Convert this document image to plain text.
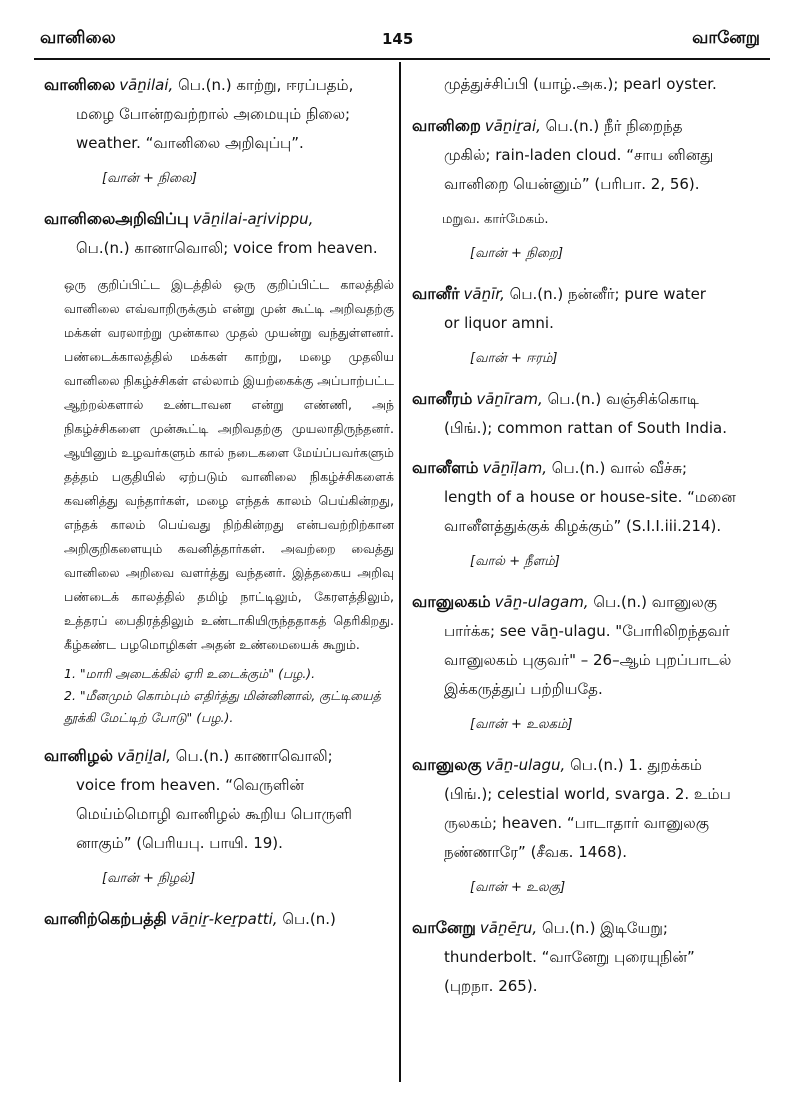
வானிலை	145	வானேறு
வானிலை vāṉilai, பெ.(n.) காற்று, ஈரப்பதம்,
மழை போன்றவற்றால் அமையும் நிலை;
weather. “வானிலை அறிவுப்பு”.
[வான் + நிலை]
வானிலைஅறிவிப்பு vāṉilai-aṟivippu,
பெ.(n.) கானாவொலி; voice from heaven.
ஒரு குறிப்பிட்ட இடத்தில் ஒரு குறிப்பிட்ட காலத்தில் வானிலை எவ்வாறிருக்கும் என்று முன் கூட்டி அறிவதற்கு மக்கள் வரலாற்று முன்கால முதல் முயன்று வந்துள்ளனர். பண்டைக்காலத்தில் மக்கள் காற்று, மழை முதலிய வானிலை நிகழ்ச்சிகள் எல்லாம் இயற்கைக்கு அப்பாற்பட்ட ஆற்றல்களால் உண்டாவன என்று எண்ணி, அந் நிகழ்ச்சிகளை முன்கூட்டி அறிவதற்கு முயலாதிருந்தனர். ஆயினும் உழவர்களும் கால் நடைகளை மேய்ப்பவர்களும் தத்தம் பகுதியில் ஏற்படும் வானிலை நிகழ்ச்சிகளைக் கவனித்து வந்தார்கள், மழை எந்தக் காலம் பெய்கின்றது, எந்தக் காலம் பெய்வது நிற்கின்றது என்பவற்றிற்கான அறிகுறிகளையும் கவனித்தார்கள். அவற்றை வைத்து வானிலை அறிவை வளர்த்து வந்தனர். இத்தகைய அறிவு பண்டைக் காலத்தில் தமிழ் நாட்டிலும், கேரளத்திலும், உத்தரப் பைதிரத்திலும் உண்டாகியிருந்ததாகத் தெரிகிறது. கீழ்கண்ட பழமொழிகள் அதன் உண்மையைக் கூறும்.
1. "மாரி அடைக்கில் ஏரி உடைக்கும்" (பழ.).
2. "மீனமும் கொம்பும் எதிர்த்து மின்னினால், குட்டியைத் தூக்கி மேட்டிற் போடு" (பழ.).
வானிழல் vāṉiḻal, பெ.(n.) காணாவொலி;
voice from heaven. “வெருளின்
மெய்ம்மொழி வானிழல் கூறிய பொருளி
னாகும்” (பெரியபு. பாயி. 19).
[வான் + நிழல்]
வானிற்கெற்பத்தி vāṉiṟ-keṟpatti, பெ.(n.)
முத்துச்சிப்பி (யாழ்.அக.); pearl oyster.
வானிறை vāṉiṟai, பெ.(n.) நீர் நிறைந்த
முகில்; rain-laden cloud. “சாய னினது
வானிறை யென்னும்” (பரிபா. 2, 56).
மறுவ. கார்மேகம்.
[வான் + நிறை]
வானீர் vāṉīr, பெ.(n.) நன்னீர்; pure water
or liquor amni.
[வான் + ஈரம்]
வானீரம் vāṉīram, பெ.(n.) வஞ்சிக்கொடி
(பிங்.); common rattan of South India.
வானீளம் vāṉīḷam, பெ.(n.) வால் வீச்சு;
length of a house or house-site. “மனை
வானீளத்துக்குக் கிழக்கும்” (S.I.I.iii.214).
[வால் + நீளம்]
வானுலகம் vāṉ-ulagam, பெ.(n.) வானுலகு
பார்க்க; see vāṉ-ulagu. "போரிலிறந்தவர்
வானுலகம் புகுவர்" – 26–ஆம் புறப்பாடல்
இக்கருத்துப் பற்றியதே.
[வான் + உலகம்]
வானுலகு vāṉ-ulagu, பெ.(n.) 1. துறக்கம்
(பிங்.); celestial world, svarga. 2. உம்ப
ருலகம்; heaven. “பாடாதார் வானுலகு
நண்ணாரே” (சீவக. 1468).
[வான் + உலகு]
வானேறு vāṉēṟu, பெ.(n.) இடியேறு;
thunderbolt. “வானேறு புரையுநின்”
(புறநா. 265).
